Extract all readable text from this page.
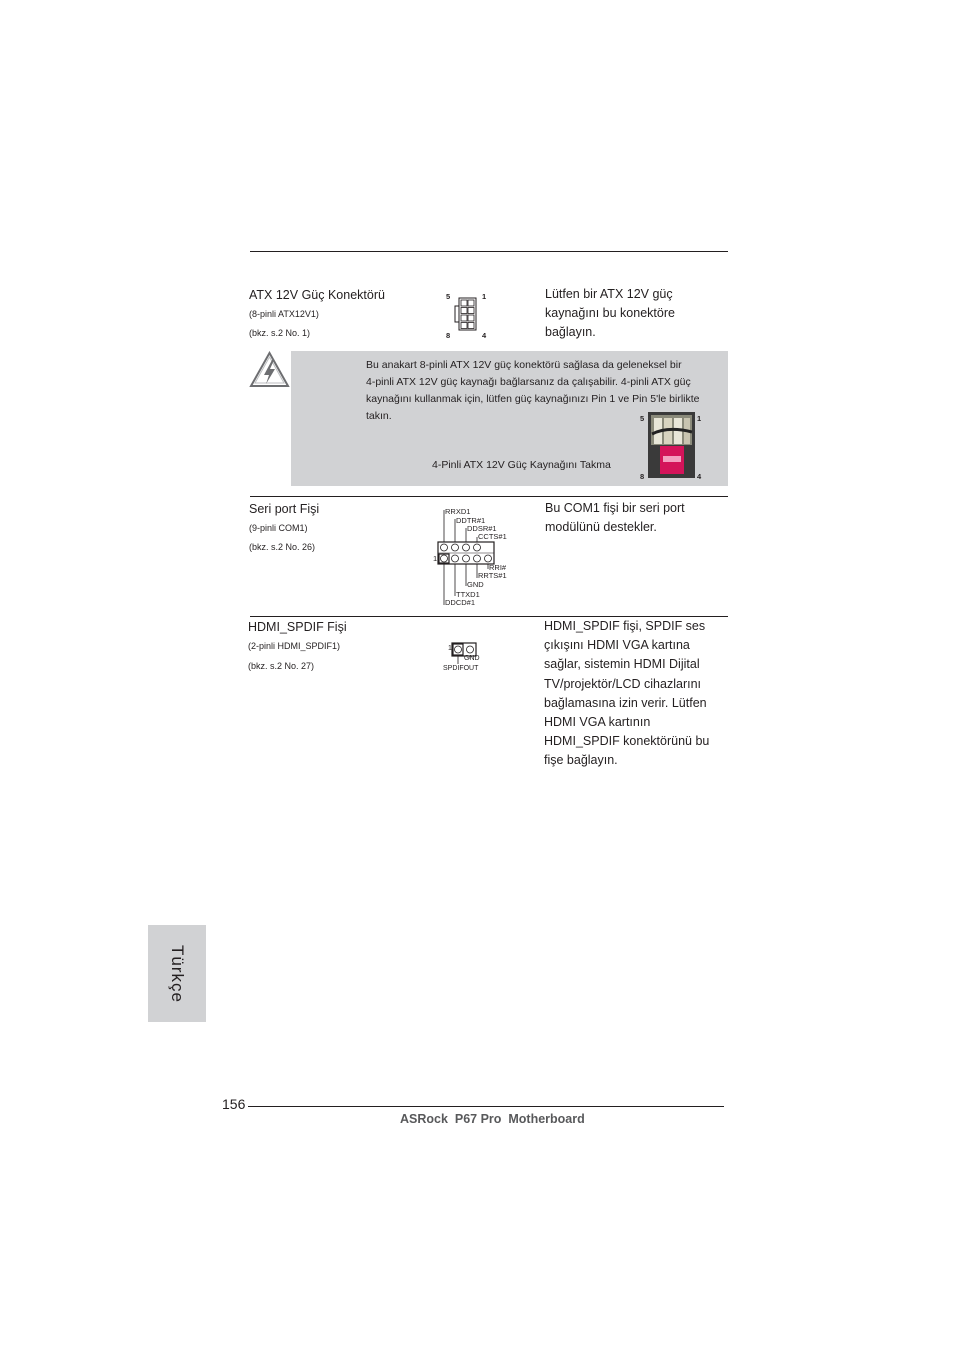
ATX 12V Güç Konektörü
(8-pinli ATX12V1)
(bkz. s.2 No. 1)
5	1
8	4
Lütfen bir ATX 12V güç
kaynağını bu konektöre
bağlayın.
Bu anakart 8-pinli ATX 12V güç konektörü sağlasa da geleneksel bir
4-pinli ATX 12V güç kaynağı bağlarsanız da çalışabilir. 4-pinli ATX güç
kaynağını kullanmak için, lütfen güç kaynağınızı Pin 1 ve Pin 5'le birlikte
takın.
4-Pinli ATX 12V Güç Kaynağını Takma
5	1
8	4
Seri port Fişi
(9-pinli COM1)
(bkz. s.2 No. 26)
RRXD1
DDTR#1
DDSR#1
CCTS#1
1
RRI#
RRTS#1
GND
TTXD1
DDCD#1
Bu COM1 fişi bir seri port
modülünü destekler.
HDMI_SPDIF Fişi
(2-pinli HDMI_SPDIF1)
(bkz. s.2 No. 27)
1
GND
SPDIFOUT
HDMI_SPDIF fişi, SPDIF ses
çıkışını HDMI VGA kartına
sağlar, sistemin HDMI Dijital
TV/projektör/LCD cihazlarını
bağlamasına izin verir. Lütfen
HDMI VGA kartının
HDMI_SPDIF konektörünü bu
fişe bağlayın.
Türkçe
156
ASRock  P67 Pro  Motherboard
